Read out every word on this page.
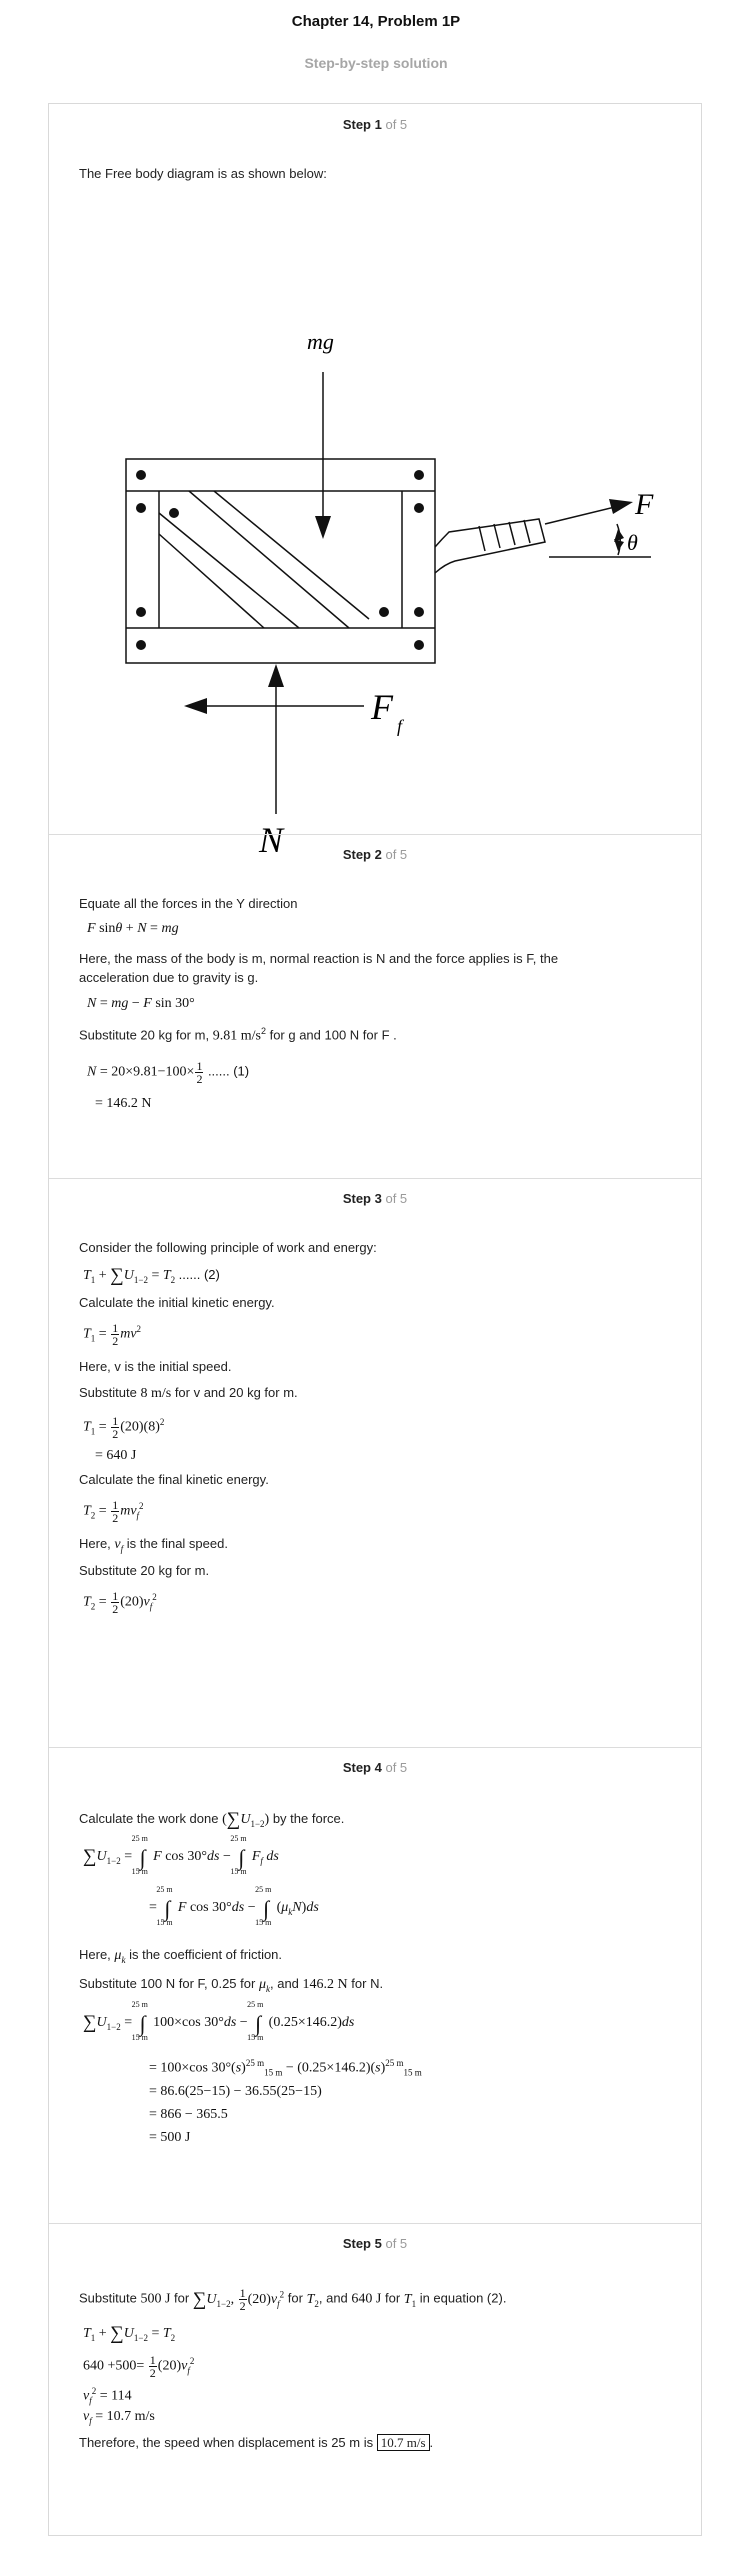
Chapter 14, Problem 1P
Step-by-step solution
Step 1 of 5
The Free body diagram is as shown below:
mg
F
θ
F f
N	Step 2 of 5
Equate all the forces in the Y direction
F sinθ + N = mg
Here, the mass of the body is m, normal reaction is N and the force applies is F, the
acceleration due to gravity is g.
N = mg − F sin 30°
Substitute 20 kg for m, 9.81 $m/s^2$ for g and 100 N for F .
$N = 20\times 9.81-100\times \frac{1}{2}$ ...... (1)
= 146.2 N
Step 3 of 5
Consider the following principle of work and energy:
$T_1 + \sum U_{1-2} = T_2$ ...... (2)
Calculate the initial kinetic energy.
$T_1 = \frac{1}{2} mv^2$
Here, v is the initial speed.
Substitute 8 m/s for v and 20 kg for m.
$T_1 = \frac{1}{2} (20)(8)^2$
= 640 J
Calculate the final kinetic energy.
$T_2 = \frac{1}{2} mv_f^2$
Here, $v_f$ is the final speed.
Substitute 20 kg for m.
$T_2 = \frac{1}{2} (20)v_f^2$
Step 4 of 5
Calculate the work done $(\sum U_{1-2})$ by the force.
$\sum U_{1-2}$ = ∫
25 m
15 m
F cos 30°ds − ∫
25 m
15 m
$F_f$ ds
= ∫
25 m
15 m
F cos 30°ds − ∫
25 m
15 m
$(\mu_kN)ds$
Here, $\mu_k$ is the coefficient of friction.
Substitute 100 N for F, 0.25 for $\mu_k$, and 146.2 N for N.
$\sum U_{1-2}$ = ∫
25 m
15 m
100×cos 30°ds − ∫
25 m
15 m
(0.25×146.2)ds
= 100×cos $30^\circ(s)^{25 m}_{15 m} - (0.25\times 146.2)(s)^{25 m}_{15 m}$
= 86.6(25−15) − 36.55(25−15)
= 866 − 365.5
= 500 J
Step 5 of 5
Substitute 500 J for $\sum U_{1-2}$, $\frac{1}{2} (20)v_f^2$ for $T_2$, and 640 J for $T_1$ in equation (2).
$T_1 + \sum U_{1-2} = T_2$
$640 +500= \frac{1}{2} (20)v_f^2$
$v_f^2 = 114$
$v_f = 10.7$ m/s
Therefore, the speed when displacement is 25 m is 10.7 m/s .
